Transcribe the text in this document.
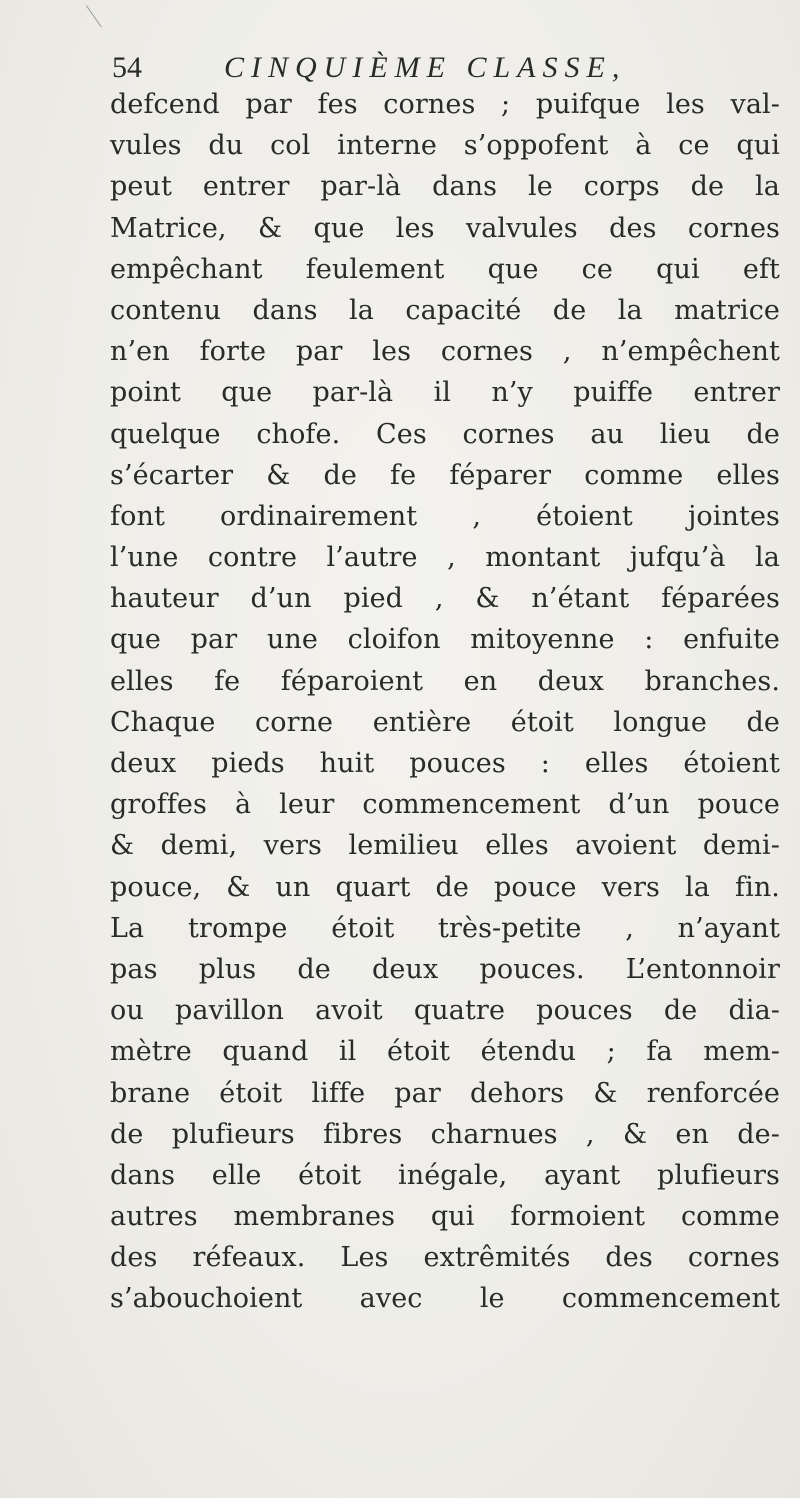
54	CINQUIÈME CLASSE,
defcend par fes cornes ; puifque les val-
vules du col interne s’oppofent à ce qui
peut entrer par-là dans le corps de la
Matrice, & que les valvules des cornes
empêchant feulement que ce qui eft
contenu dans la capacité de la matrice
n’en forte par les cornes , n’empêchent
point que par-là il n’y puiffe entrer
quelque chofe. Ces cornes au lieu de
s’écarter & de fe féparer comme elles
font ordinairement , étoient jointes
l’une contre l’autre , montant jufqu’à la
hauteur d’un pied , & n’étant féparées
que par une cloifon mitoyenne : enfuite
elles fe féparoient en deux branches.
Chaque corne entière étoit longue de
deux pieds huit pouces : elles étoient
groffes à leur commencement d’un pouce
& demi, vers lemilieu elles avoient demi-
pouce, & un quart de pouce vers la fin.
La trompe étoit très-petite , n’ayant
pas plus de deux pouces. L’entonnoir
ou pavillon avoit quatre pouces de dia-
mètre quand il étoit étendu ; fa mem-
brane étoit liffe par dehors & renforcée
de plufieurs fibres charnues , & en de-
dans elle étoit inégale, ayant plufieurs
autres membranes qui formoient comme
des réfeaux. Les extrêmités des cornes
s’abouchoient avec le commencement
